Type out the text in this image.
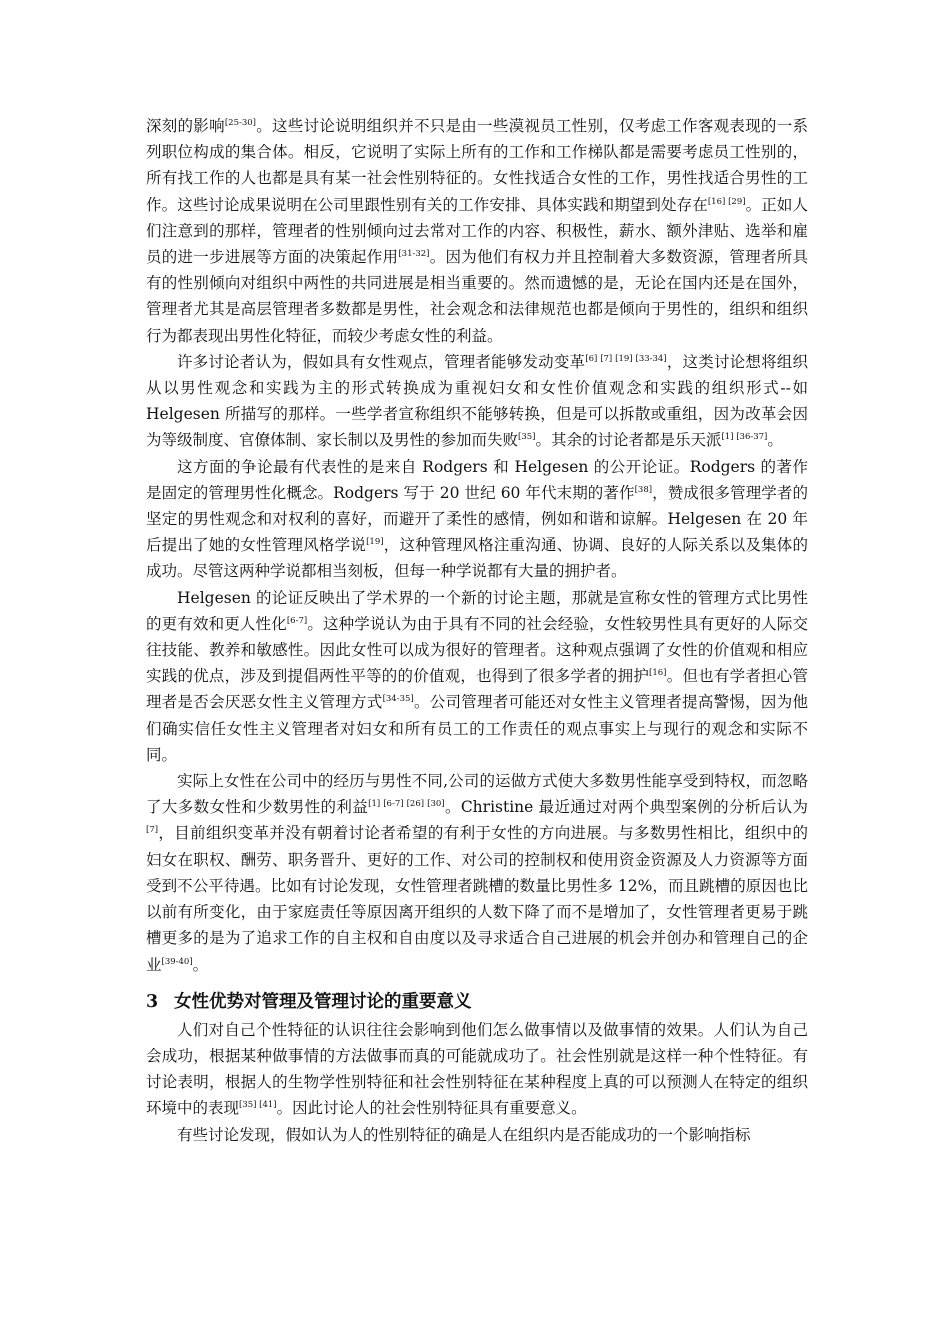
深刻的影响[25-30]。这些讨论说明组织并不只是由一些漠视员工性别，仅考虑工作客观表现的一系列职位构成的集合体。相反，它说明了实际上所有的工作和工作梯队都是需要考虑员工性别的，所有找工作的人也都是具有某一社会性别特征的。女性找适合女性的工作，男性找适合男性的工作。这些讨论成果说明在公司里跟性别有关的工作安排、具体实践和期望到处存在[16] [29]。正如人们注意到的那样，管理者的性别倾向过去常对工作的内容、积极性，薪水、额外津贴、选举和雇员的进一步进展等方面的决策起作用[31-32]。因为他们有权力并且控制着大多数资源，管理者所具有的性别倾向对组织中两性的共同进展是相当重要的。然而遗憾的是，无论在国内还是在国外，管理者尤其是高层管理者多数都是男性，社会观念和法律规范也都是倾向于男性的，组织和组织行为都表现出男性化特征，而较少考虑女性的利益。

许多讨论者认为，假如具有女性观点，管理者能够发动变革[6] [7] [19] [33-34]，这类讨论想将组织从以男性观念和实践为主的形式转换成为重视妇女和女性价值观念和实践的组织形式--如 Helgesen 所描写的那样。一些学者宣称组织不能够转换，但是可以拆散或重组，因为改革会因为等级制度、官僚体制、家长制以及男性的参加而失败[35]。其余的讨论者都是乐天派[1] [36-37]。

这方面的争论最有代表性的是来自 Rodgers 和 Helgesen 的公开论证。Rodgers 的著作是固定的管理男性化概念。Rodgers 写于 20 世纪 60 年代末期的著作[38]，赞成很多管理学者的坚定的男性观念和对权利的喜好，而避开了柔性的感情，例如和谐和谅解。Helgesen 在 20 年后提出了她的女性管理风格学说[19]，这种管理风格注重沟通、协调、良好的人际关系以及集体的成功。尽管这两种学说都相当刻板，但每一种学说都有大量的拥护者。

Helgesen 的论证反映出了学术界的一个新的讨论主题，那就是宣称女性的管理方式比男性的更有效和更人性化[6-7]。这种学说认为由于具有不同的社会经验，女性较男性具有更好的人际交往技能、教养和敏感性。因此女性可以成为很好的管理者。这种观点强调了女性的价值观和相应实践的优点，涉及到提倡两性平等的的价值观，也得到了很多学者的拥护[16]。但也有学者担心管理者是否会厌恶女性主义管理方式[34-35]。公司管理者可能还对女性主义管理者提高警惕，因为他们确实信任女性主义管理者对妇女和所有员工的工作责任的观点事实上与现行的观念和实际不同。

实际上女性在公司中的经历与男性不同,公司的运做方式使大多数男性能享受到特权，而忽略了大多数女性和少数男性的利益[1] [6-7] [26] [30]。Christine 最近通过对两个典型案例的分析后认为[7]，目前组织变革并没有朝着讨论者希望的有利于女性的方向进展。与多数男性相比，组织中的妇女在职权、酬劳、职务晋升、更好的工作、对公司的控制权和使用资金资源及人力资源等方面受到不公平待遇。比如有讨论发现，女性管理者跳槽的数量比男性多 12%，而且跳槽的原因也比以前有所变化，由于家庭责任等原因离开组织的人数下降了而不是增加了，女性管理者更易于跳槽更多的是为了追求工作的自主权和自由度以及寻求适合自己进展的机会并创办和管理自己的企业[39-40]。

3 女性优势对管理及管理讨论的重要意义

人们对自己个性特征的认识往往会影响到他们怎么做事情以及做事情的效果。人们认为自己会成功，根据某种做事情的方法做事而真的可能就成功了。社会性别就是这样一种个性特征。有讨论表明，根据人的生物学性别特征和社会性别特征在某种程度上真的可以预测人在特定的组织环境中的表现[35] [41]。因此讨论人的社会性别特征具有重要意义。

有些讨论发现，假如认为人的性别特征的确是人在组织内是否能成功的一个影响指标
